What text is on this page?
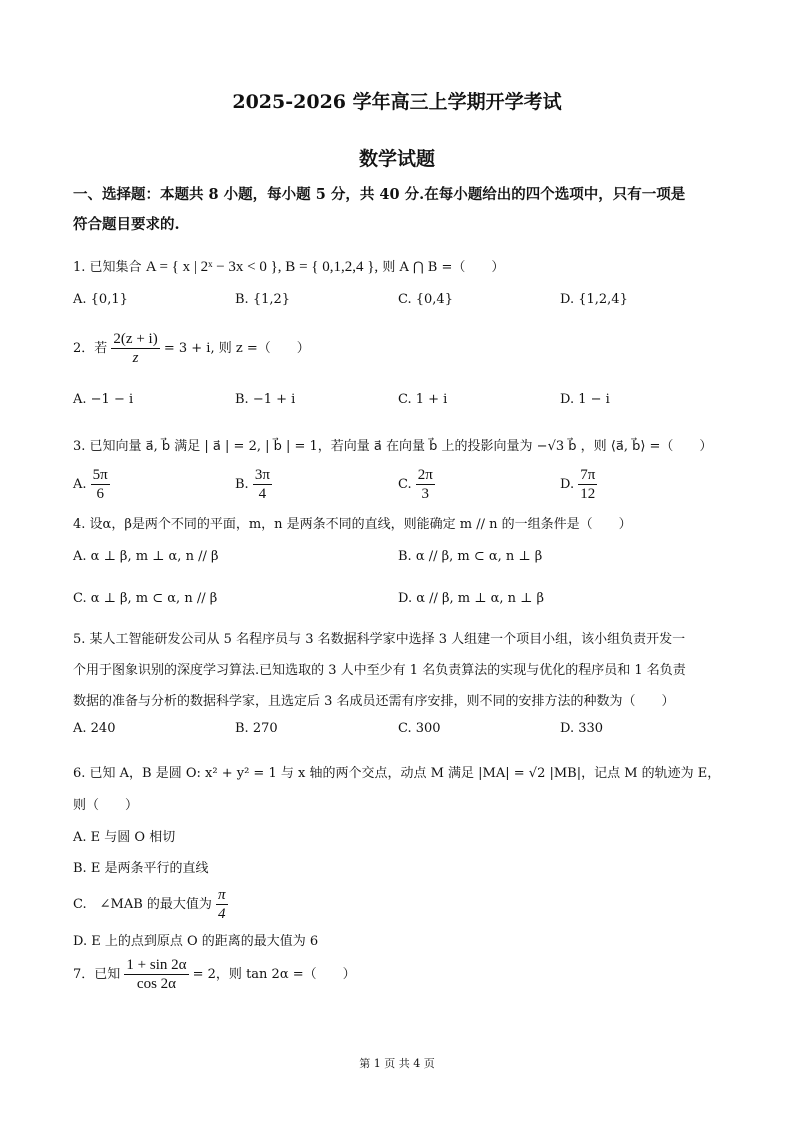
2025-2026 学年高三上学期开学考试
数学试题
一、选择题：本题共 8 小题，每小题 5 分，共 40 分.在每小题给出的四个选项中，只有一项是
符合题目要求的.
1. 已知集合 A = { x | 2ˣ − 3x < 0 }, B = { 0,1,2,4 }, 则 A ⋂ B =（　　）
A. {0,1}	B. {1,2}	C. {0,4}	D. {1,2,4}
2．若 $\frac{2(z + i)}{z} = 3 + i$, 则 z =（　　）
A. −1 − i	B. −1 + i	C. 1 + i	D. 1 − i
3. 已知向量 a⃗, b⃗ 满足 | a⃗ | = 2, | b⃗ | = 1，若向量 a⃗ 在向量 b⃗ 上的投影向量为 −√3 b⃗ ，则 ⟨a⃗, b⃗⟩ =（　　）
A. $\frac{5\pi}{6}$	B. $\frac{3\pi}{4}$	C. $\frac{2\pi}{3}$	D. $\frac{7\pi}{12}$
4. 设α，β是两个不同的平面，m，n 是两条不同的直线，则能确定 m // n 的一组条件是（　　）
A. α ⊥ β, m ⊥ α, n // β	B. α // β, m ⊂ α, n ⊥ β
C. α ⊥ β, m ⊂ α, n // β	D. α // β, m ⊥ α, n ⊥ β
5. 某人工智能研发公司从 5 名程序员与 3 名数据科学家中选择 3 人组建一个项目小组，该小组负责开发一
个用于图象识别的深度学习算法.已知选取的 3 人中至少有 1 名负责算法的实现与优化的程序员和 1 名负责
数据的准备与分析的数据科学家，且选定后 3 名成员还需有序安排，则不同的安排方法的种数为（　　）
A. 240	B. 270	C. 300	D. 330
6. 已知 A，B 是圆 O: x² + y² = 1 与 x 轴的两个交点，动点 M 满足 |MA| = √2 |MB|，记点 M 的轨迹为 E，
则（　　）
A. E 与圆 O 相切
B. E 是两条平行的直线
C.　∠MAB 的最大值为 $\frac{\pi}{4}$
D. E 上的点到原点 O 的距离的最大值为 6
7．已知 $\frac{1 + \sin 2\alpha}{\cos 2\alpha} = 2$，则 tan 2α =（　　）
第 1 页 共 4 页
